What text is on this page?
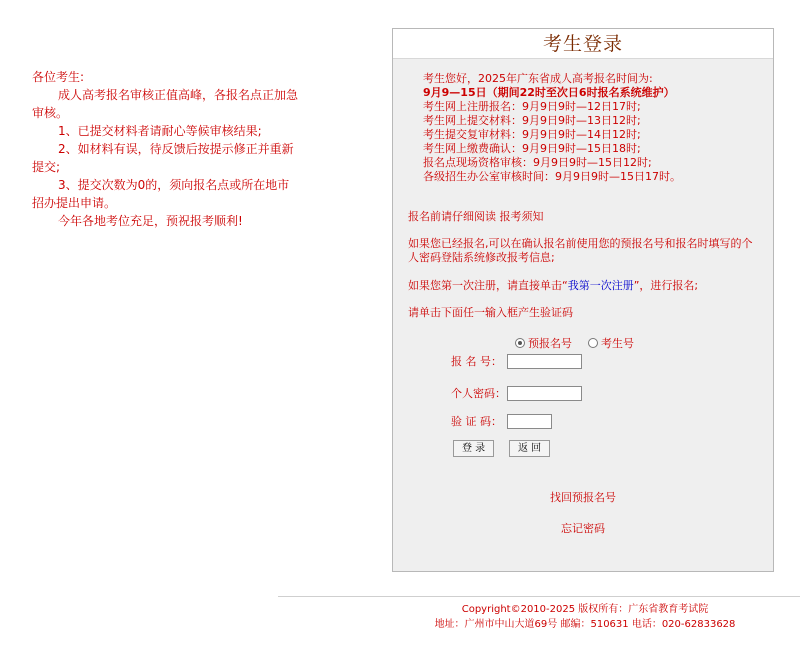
各位考生:

成人高考报名审核正值高峰，各报名点正加急审核。

1、已提交材料者请耐心等候审核结果;

2、如材料有误，待反馈后按提示修正并重新提交;

3、提交次数为0的，须向报名点或所在地市招办提出申请。

今年各地考位充足，预祝报考顺利!

考生登录
考生您好，2025年广东省成人高考报名时间为:
9月9—15日（期间22时至次日6时报名系统维护）
考生网上注册报名：9月9日9时—12日17时;
考生网上提交材料：9月9日9时—13日12时;
考生提交复审材料：9月9日9时—14日12时;
考生网上缴费确认：9月9日9时—15日18时;
报名点现场资格审核：9月9日9时—15日12时;
各级招生办公室审核时间：9月9日9时—15日17时。
报名前请仔细阅读 报考须知
如果您已经报名,可以在确认报名前使用您的预报名号和报名时填写的个人密码登陆系统修改报考信息;
如果您第一次注册，请直接单击“我第一次注册”，进行报名;
请单击下面任一输入框产生验证码
预报名号	考生号
报 名 号：
个人密码：
验 证 码：
登 录	返 回
找回预报名号
忘记密码
Copyright©2010-2025 版权所有：广东省教育考试院
地址：广州市中山大道69号 邮编：510631 电话：020-62833628
